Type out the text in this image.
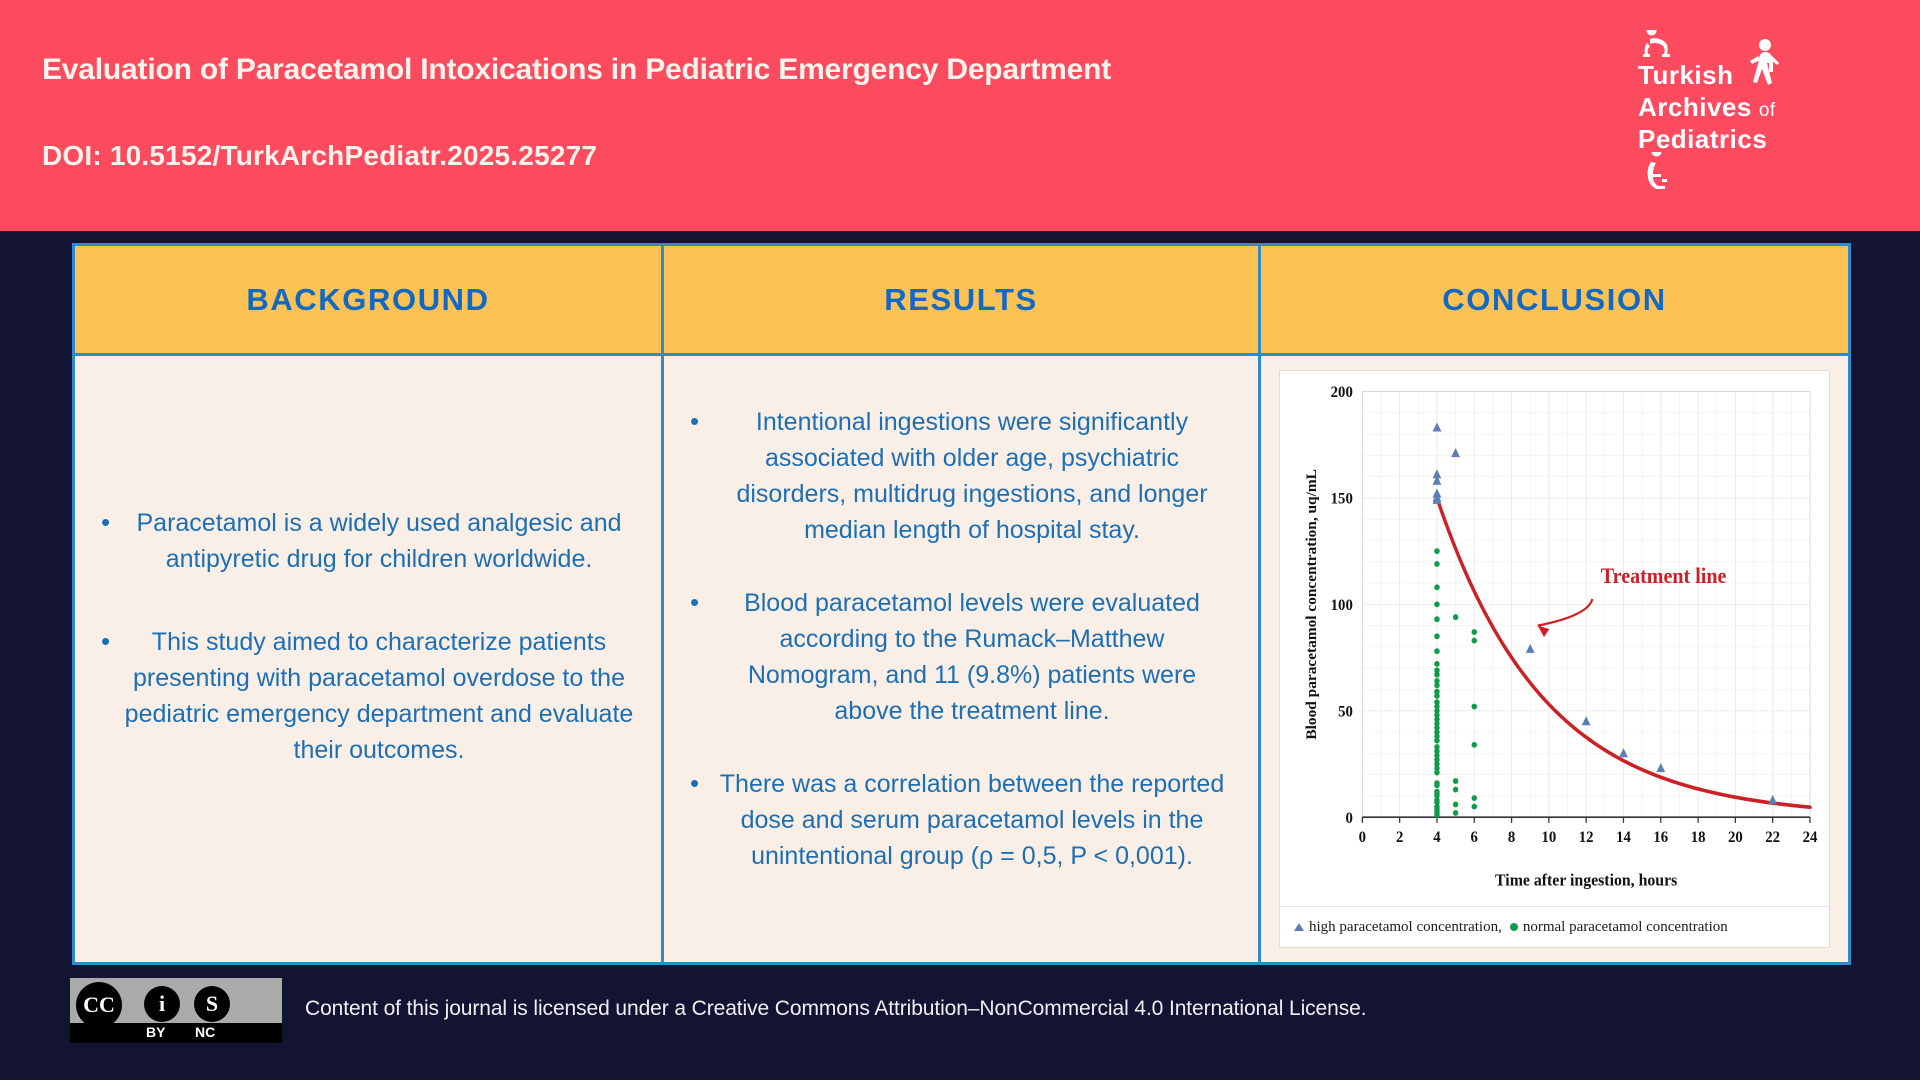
Evaluation of Paracetamol Intoxications in Pediatric Emergency Department
DOI: 10.5152/TurkArchPediatr.2025.25277
Turkish
Archives of
Pediatrics
BACKGROUND	RESULTS	CONCLUSION
• Paracetamol is a widely used analgesic and antipyretic drug for children worldwide.
• This study aimed to characterize patients presenting with paracetamol overdose to the pediatric emergency department and evaluate their outcomes.
• Intentional ingestions were significantly associated with older age, psychiatric disorders, multidrug ingestions, and longer median length of hospital stay.
• Blood paracetamol levels were evaluated according to the Rumack–Matthew Nomogram, and 11 (9.8%) patients were above the treatment line.
• There was a correlation between the reported dose and serum paracetamol levels in the unintentional group (ρ = 0,5, P < 0,001).
0 2 4 6 8 10 12 14 16 18 20 22 24
0
50
100
150
200
Time after ingestion, hours
Blood paracetamol concentration, uq/mL	Treatment line
high paracetamol concentration, normal paracetamol concentration
CC	i	S
BY NC
Content of this journal is licensed under a Creative Commons Attribution–NonCommercial 4.0 International License.
